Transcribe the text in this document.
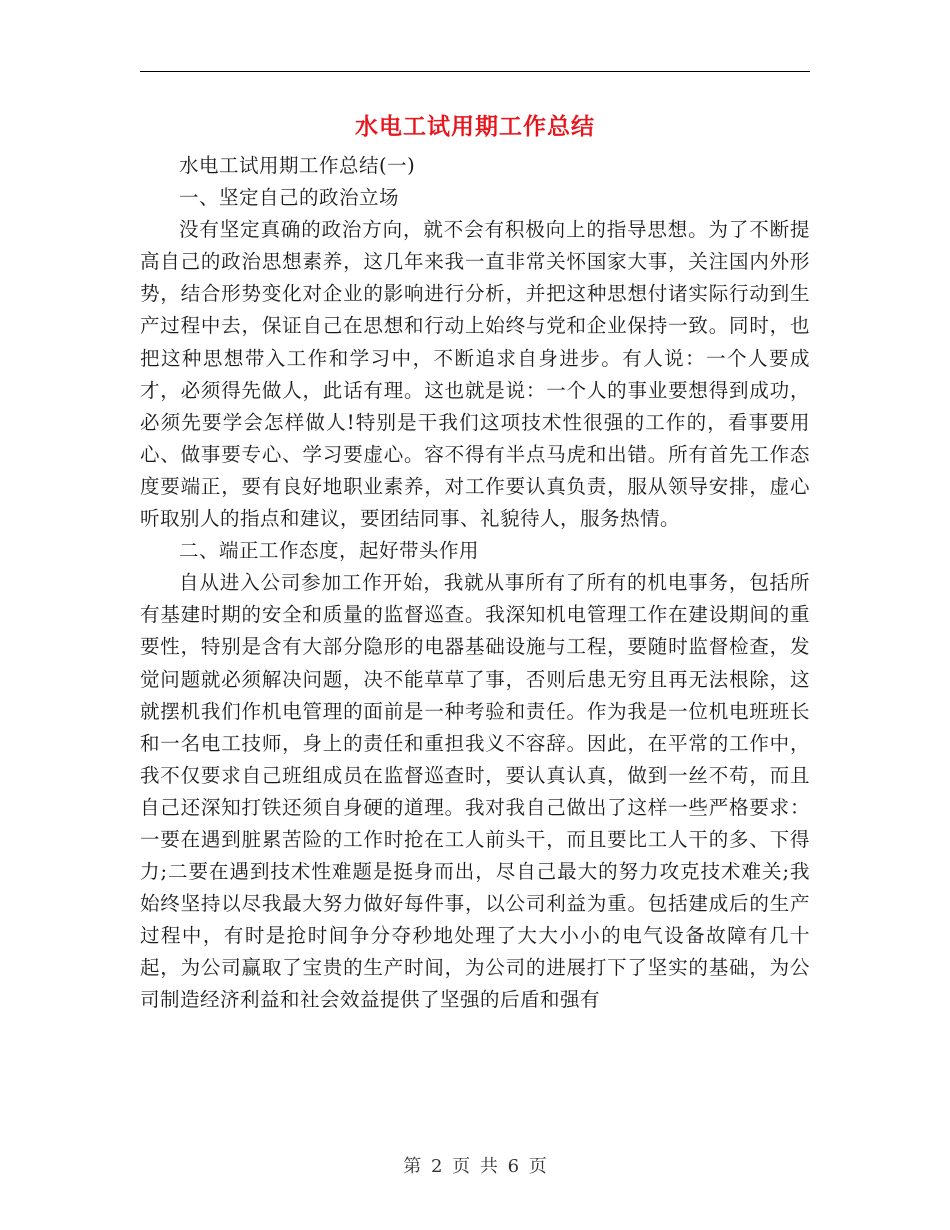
水电工试用期工作总结

水电工试用期工作总结(一)

一、坚定自己的政治立场

没有坚定真确的政治方向，就不会有积极向上的指导思想。为了不断提高自己的政治思想素养，这几年来我一直非常关怀国家大事，关注国内外形势，结合形势变化对企业的影响进行分析，并把这种思想付诸实际行动到生产过程中去，保证自己在思想和行动上始终与党和企业保持一致。同时，也把这种思想带入工作和学习中，不断追求自身进步。有人说：一个人要成才，必须得先做人，此话有理。这也就是说：一个人的事业要想得到成功，必须先要学会怎样做人!特别是干我们这项技术性很强的工作的，看事要用心、做事要专心、学习要虚心。容不得有半点马虎和出错。所有首先工作态度要端正，要有良好地职业素养，对工作要认真负责，服从领导安排，虚心听取别人的指点和建议，要团结同事、礼貌待人，服务热情。

二、端正工作态度，起好带头作用

自从进入公司参加工作开始，我就从事所有了所有的机电事务，包括所有基建时期的安全和质量的监督巡查。我深知机电管理工作在建设期间的重要性，特别是含有大部分隐形的电器基础设施与工程，要随时监督检查，发觉问题就必须解决问题，决不能草草了事，否则后患无穷且再无法根除，这就摆机我们作机电管理的面前是一种考验和责任。作为我是一位机电班班长和一名电工技师，身上的责任和重担我义不容辞。因此，在平常的工作中，我不仅要求自己班组成员在监督巡查时，要认真认真，做到一丝不苟，而且自己还深知打铁还须自身硬的道理。我对我自己做出了这样一些严格要求：一要在遇到脏累苦险的工作时抢在工人前头干，而且要比工人干的多、下得力;二要在遇到技术性难题是挺身而出，尽自己最大的努力攻克技术难关;我始终坚持以尽我最大努力做好每件事，以公司利益为重。包括建成后的生产过程中，有时是抢时间争分夺秒地处理了大大小小的电气设备故障有几十起，为公司赢取了宝贵的生产时间，为公司的进展打下了坚实的基础，为公司制造经济利益和社会效益提供了坚强的后盾和强有

第 2 页 共 6 页
